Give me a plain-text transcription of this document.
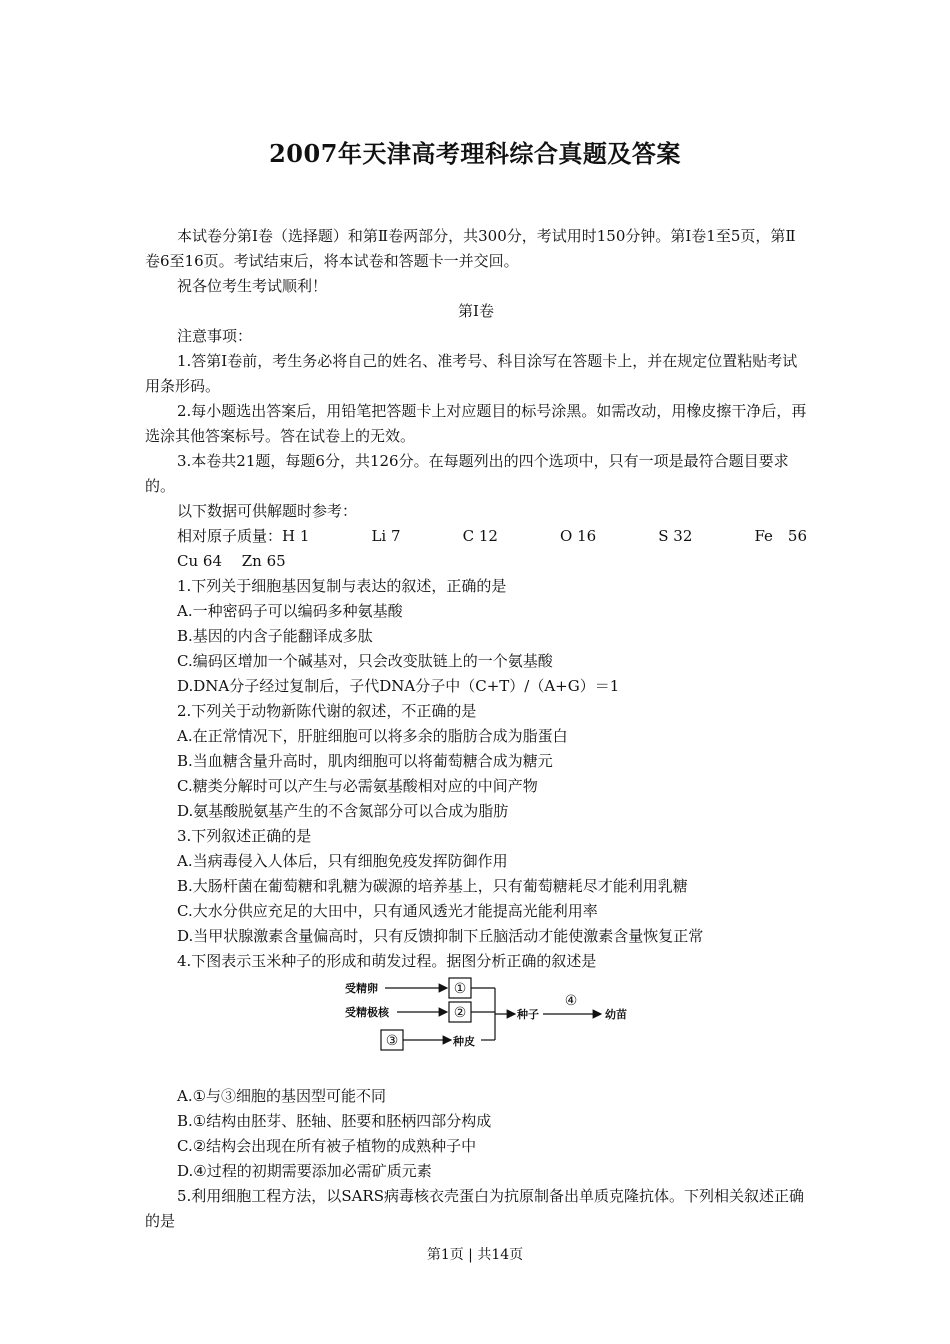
2007年天津高考理科综合真题及答案

本试卷分第Ⅰ卷（选择题）和第Ⅱ卷两部分，共300分，考试用时150分钟。第Ⅰ卷1至5页，第Ⅱ卷6至16页。考试结束后，将本试卷和答题卡一并交回。

祝各位考生考试顺利！

第Ⅰ卷

注意事项：

1.答第Ⅰ卷前，考生务必将自己的姓名、准考号、科目涂写在答题卡上，并在规定位置粘贴考试用条形码。

2.每小题选出答案后，用铅笔把答题卡上对应题目的标号涂黑。如需改动，用橡皮擦干净后，再选涂其他答案标号。答在试卷上的无效。

3.本卷共21题，每题6分，共126分。在每题列出的四个选项中，只有一项是最符合题目要求的。

以下数据可供解题时参考：

相对原子质量：H 1	Li 7	C 12	O 16	S 32	Fe　56

Cu 64　 Zn 65

1.下列关于细胞基因复制与表达的叙述，正确的是

A.一种密码子可以编码多种氨基酸

B.基因的内含子能翻译成多肽

C.编码区增加一个碱基对，只会改变肽链上的一个氨基酸

D.DNA分子经过复制后，子代DNA分子中（C+T）/（A+G）＝1

2.下列关于动物新陈代谢的叙述，不正确的是

A.在正常情况下，肝脏细胞可以将多余的脂肪合成为脂蛋白

B.当血糖含量升高时，肌肉细胞可以将葡萄糖合成为糖元

C.糖类分解时可以产生与必需氨基酸相对应的中间产物

D.氨基酸脱氨基产生的不含氮部分可以合成为脂肪

3.下列叙述正确的是

A.当病毒侵入人体后，只有细胞免疫发挥防御作用

B.大肠杆菌在葡萄糖和乳糖为碳源的培养基上，只有葡萄糖耗尽才能利用乳糖

C.大水分供应充足的大田中，只有通风透光才能提高光能利用率

D.当甲状腺激素含量偏高时，只有反馈抑制下丘脑活动才能使激素含量恢复正常

4.下图表示玉米种子的形成和萌发过程。据图分析正确的叙述是

受精卵
受精极核
种皮
种子	幼苗
①
②
③
④

A.①与③细胞的基因型可能不同

B.①结构由胚芽、胚轴、胚要和胚柄四部分构成

C.②结构会出现在所有被子植物的成熟种子中

D.④过程的初期需要添加必需矿质元素

5.利用细胞工程方法，以SARS病毒核衣壳蛋白为抗原制备出单质克隆抗体。下列相关叙述正确的是

第1页 | 共14页
